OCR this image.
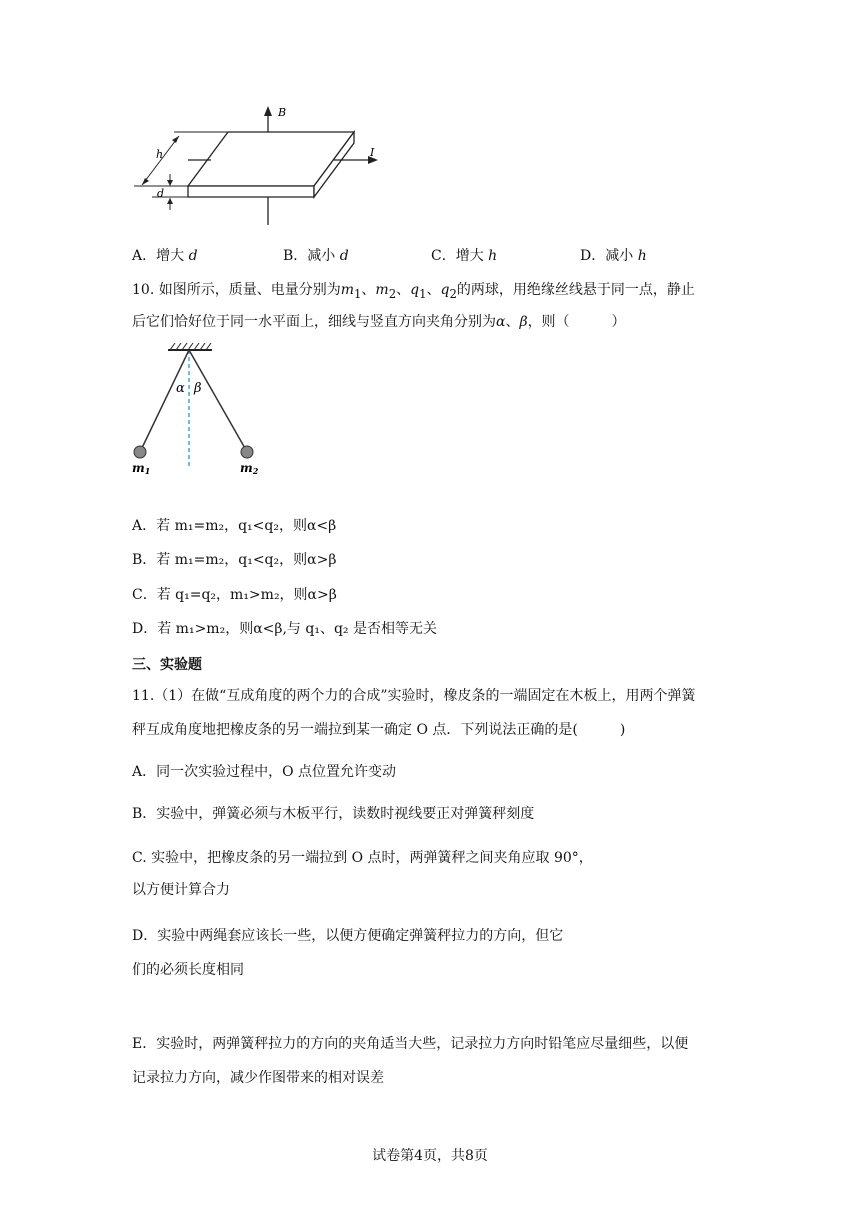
B
I
h
d
A．增大 d	B．减小 d	C．增大 h	D．减小 h
10. 如图所示，质量、电量分别为$m_1$、$m_2$、$q_1$、$q_2$的两球，用绝缘丝线悬于同一点，静止
后它们恰好位于同一水平面上，细线与竖直方向夹角分别为α、β，则（　　　）
α β
m1	m2
A．若 m₁=m₂，q₁<q₂，则α<β
B．若 m₁=m₂，q₁<q₂，则α>β
C．若 q₁=q₂，m₁>m₂，则α>β
D．若 m₁>m₂，则α<β,与 q₁、q₂ 是否相等无关
三、实验题
11.（1）在做“互成角度的两个力的合成”实验时，橡皮条的一端固定在木板上，用两个弹簧
秤互成角度地把橡皮条的另一端拉到某一确定 O 点．下列说法正确的是(　　　)
A．同一次实验过程中，O 点位置允许变动
B．实验中，弹簧必须与木板平行，读数时视线要正对弹簧秤刻度
C. 实验中，把橡皮条的另一端拉到 O 点时，两弹簧秤之间夹角应取 90°，
以方便计算合力
D．实验中两绳套应该长一些，以便方便确定弹簧秤拉力的方向，但它
们的必须长度相同
E．实验时，两弹簧秤拉力的方向的夹角适当大些，记录拉力方向时铅笔应尽量细些，以便
记录拉力方向，减少作图带来的相对误差
试卷第4页，共8页
